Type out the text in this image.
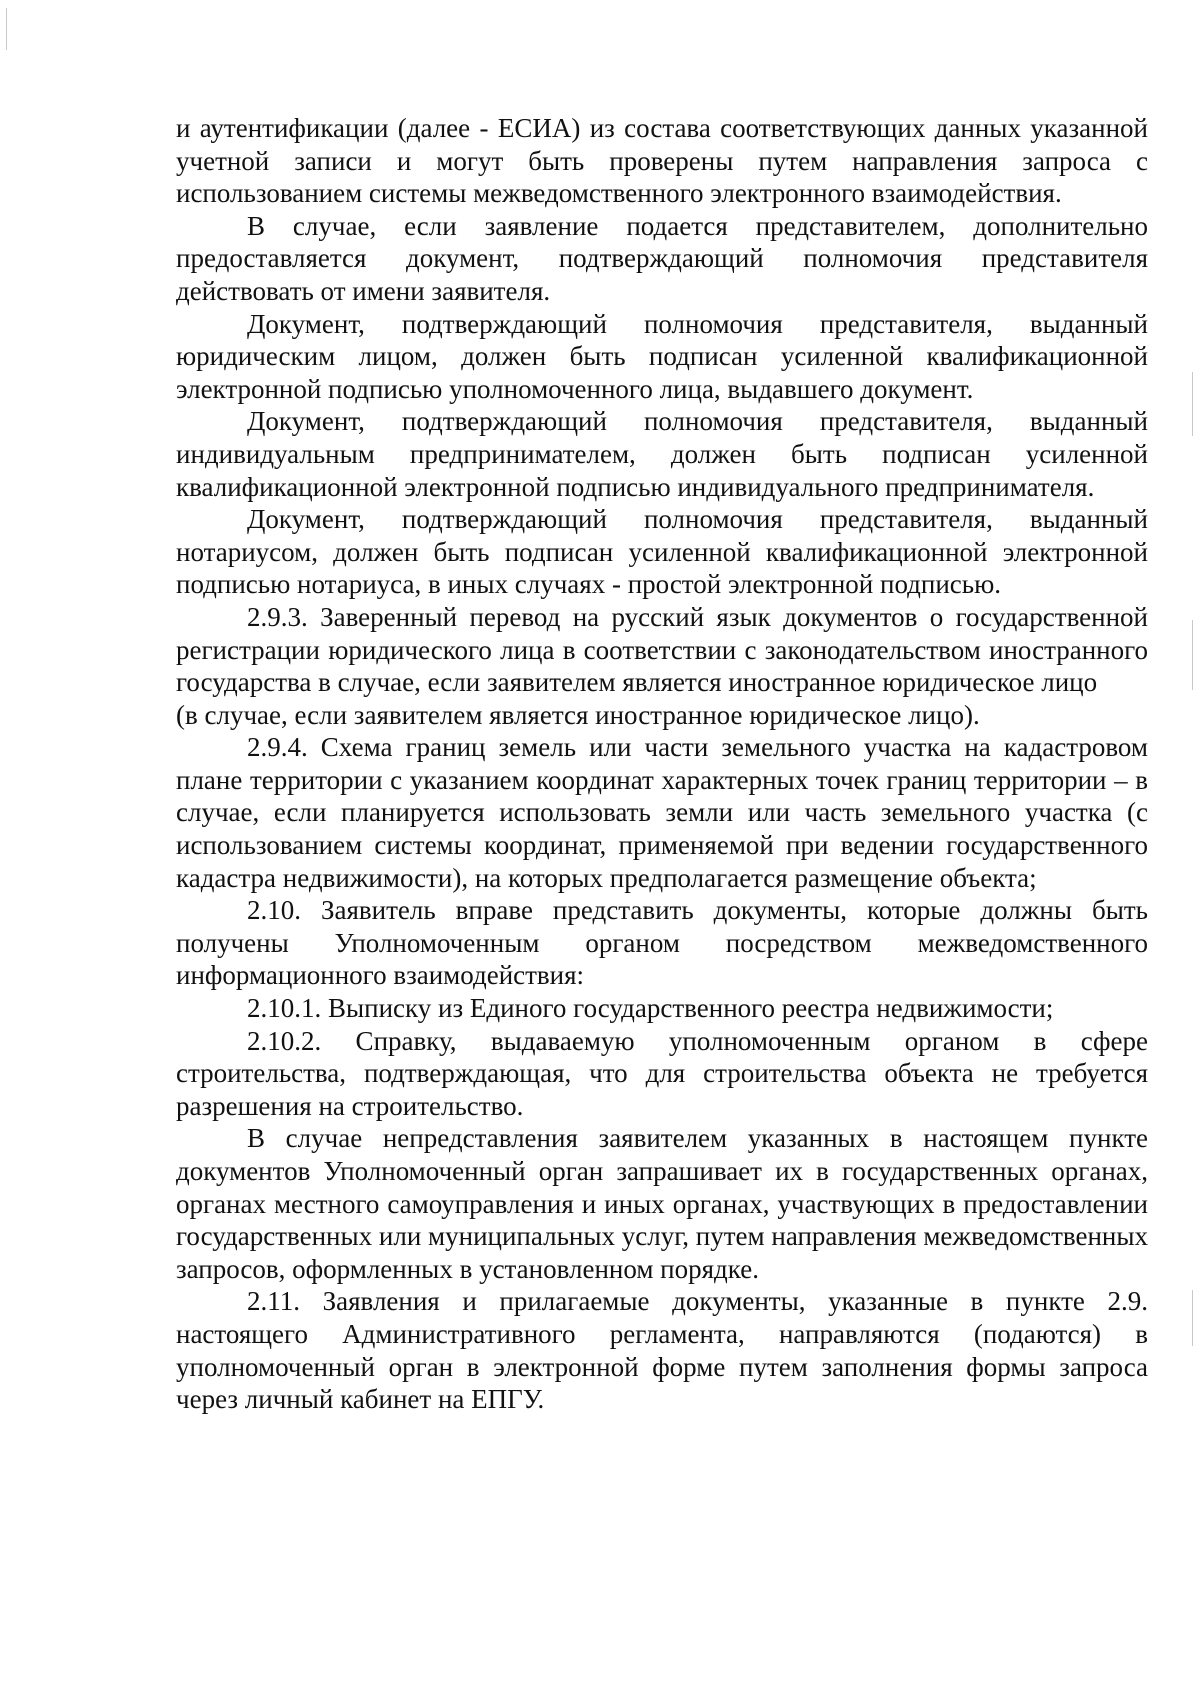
и аутентификации (далее - ЕСИА) из состава соответствующих данных указанной учетной записи и могут быть проверены путем направления запроса с использованием системы межведомственного электронного взаимодействия.

В случае, если заявление подается представителем, дополнительно предоставляется документ, подтверждающий полномочия представителя действовать от имени заявителя.

Документ, подтверждающий полномочия представителя, выданный юридическим лицом, должен быть подписан усиленной квалификационной электронной подписью уполномоченного лица, выдавшего документ.

Документ, подтверждающий полномочия представителя, выданный индивидуальным предпринимателем, должен быть подписан усиленной квалификационной электронной подписью индивидуального предпринимателя.

Документ, подтверждающий полномочия представителя, выданный нотариусом, должен быть подписан усиленной квалификационной электронной подписью нотариуса, в иных случаях - простой электронной подписью.

2.9.3. Заверенный перевод на русский язык документов о государственной регистрации юридического лица в соответствии с законодательством иностранного государства в случае, если заявителем является иностранное юридическое лицо

(в случае, если заявителем является иностранное юридическое лицо).

2.9.4. Схема границ земель или части земельного участка на кадастровом плане территории с указанием координат характерных точек границ территории – в случае, если планируется использовать земли или часть земельного участка (с использованием системы координат, применяемой при ведении государственного кадастра недвижимости), на которых предполагается размещение объекта;

2.10. Заявитель вправе представить документы, которые должны быть получены Уполномоченным органом посредством межведомственного информационного взаимодействия:

2.10.1. Выписку из Единого государственного реестра недвижимости;

2.10.2. Справку, выдаваемую уполномоченным органом в сфере строительства, подтверждающая, что для строительства объекта не требуется разрешения на строительство.

В случае непредставления заявителем указанных в настоящем пункте документов Уполномоченный орган запрашивает их в государственных органах, органах местного самоуправления и иных органах, участвующих в предоставлении государственных или муниципальных услуг, путем направления межведомственных запросов, оформленных в установленном порядке.

2.11. Заявления и прилагаемые документы, указанные в пункте 2.9. настоящего Административного регламента, направляются (подаются) в уполномоченный орган в электронной форме путем заполнения формы запроса через личный кабинет на ЕПГУ.
